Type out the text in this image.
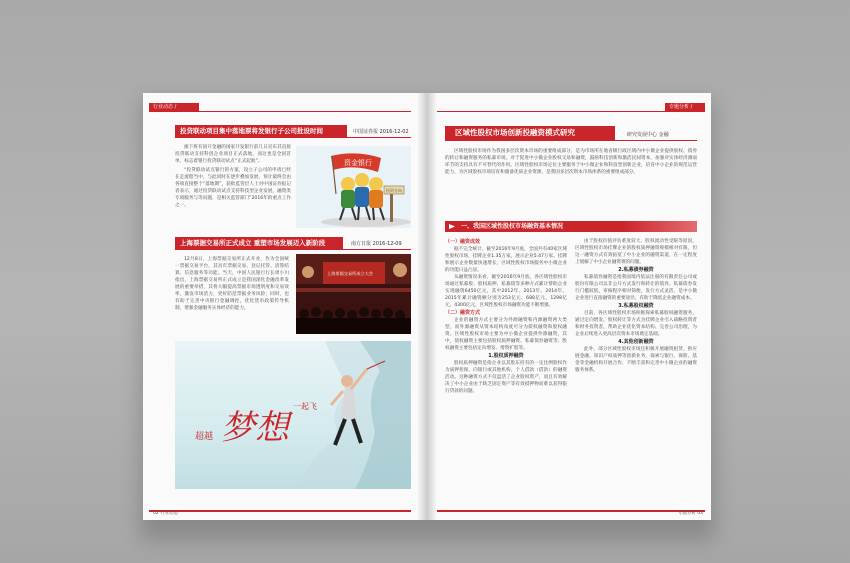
行业动态 / INDUSTRY
投贷联动项目集中落地票将发银行子公司批设时间	中国证券报 2016-12-02

旗下将有国开金融的国家开发银行前几日宣布其直接投贷联动支持科创企业项目正式落地，而这也是全国首单，标志着银行投贷联动试点“正式起航”。

“投贷联动试点银行的方案，设立子公司的申请已经在走流程当中，与此同时在逐步叠加发展，预计最终会由各项直接整个“落地期”，获批监管层人士对中国证券报记者表示，通过投贷联动试点支持科技型企业发展，融资类专项服务与等问题，是相关监管部门“2016年的重点工作之一。

资金银行
投资方向
上海票据交易所正式成立 重塑市场发展迈入新阶段	南方日报 2016-12-09

12月8日，上海票据交易所正式开业，作为全国统一票据交易平台，其具有票据交易、登记托管、清算结算、信息服务等功能。当天，中国人民银行行长周小川指出，上海票据交易所正式成立是我国深化金融改革发展的重要举措，其将大幅提高票据市场透明度和交易效率，激发市场活力，更好防范票据业务风险；同时，也有助于完善中央银行金融调控，优化货币政策传导机制，增强金融服务实体经济的能力。

上海票据交易所成立大会
超越 梦想
一起飞
02 行业动态
专题分析 / ANALYSIS
区域性股权市场创新投融资模式研究	研究发展中心 金融

区域性股权市场作为我国多层次资本市场的重要组成部分，是为市场所在地省级行政区域内中小微企业提供股权、债券的转让和融资服务的私募市场，对于促进中小微企业股权交易和融资，鼓励科技创新和激活民间资本，加强对实体经济薄弱环节的支持具有不可替代的作用。区域性股权市场定位主要服务于中小微企业和科技型创新企业，培育中小企业的规范运营能力，为区域股权市场培育和储备优质企业资源，是我国多层次资本市场体系的重要组成部分。

一、我国区域性股权市场融资基本情况
（一）融资成效

据不完全统计，截至2016年9月底，全国共有40家区域性股权市场，挂牌企业1.35万家，展示企业5.47万家。挂牌和展示企业数量快速增长，区域性股权市场服务中小微企业的功能日益凸显。

从融资情况来看，截至2016年9月底，各区域性股权市场通过私募股、股权质押、私募债等多种方式累计帮助企业实现融资6450亿元，其中2012年、2013年、2014年、2015年累计融资额分别为253亿元、688亿元、1298亿元、4300亿元，区域性股权市场融资功能不断增强。

（二）融资方式

企业的融资方式主要分为外源融资和内源融资两大类型，而外源融资从资本结构角度可分为债权融资和股权融资。区域性股权市场主要为中小微企业提供外源融资，其中，债权融资主要包括股权质押融资、私募债券融资等；股权融资主要包括定向增发、增资扩股等。

1.股权质押融资

股权质押融资是指企业以其股东持有的一定比例股权作为质押担保，向银行或其他机构、个人借款（借款）的融资活动。这种融资方式不仅盘活了企业股权资产，而且有效解决了中小企业由于缺乏固定资产等有效抵押物而难以获得银行贷款的问题。

由于股权价值评估难度较大、股权流动性受限等原因，区域性股权市场挂牌企业的股权质押融资规模相对有限，但这一融资方式有效拓宽了中小企业的融资渠道，在一定程度上缓解了中小企业融资难的问题。

2.私募债券融资

私募债券融资是指我国境内依法注册的有限责任公司或股份有限公司以非公开方式发行和转让的债券。私募债券发行门槛较低，审核程序相对简便，发行方式灵活，是中小微企业进行直接融资的重要途径，有助于降低企业融资成本。

3.私募股权融资

目前，各区域性股权市场积极探索私募股权融资服务，通过定向增发、股权转让等方式为挂牌企业引入战略投资者和财务投资者，帮助企业优化资本结构、完善公司治理，为企业后续进入更高层次资本市场奠定基础。

4.其他创新融资

此外，部分区域性股权市场还积极开展融资租赁、供应链金融、知识产权质押等创新业务，探索与银行、保险、基金等金融机构开展合作，不断丰富和完善中小微企业的融资服务体系。

专题分析 03
